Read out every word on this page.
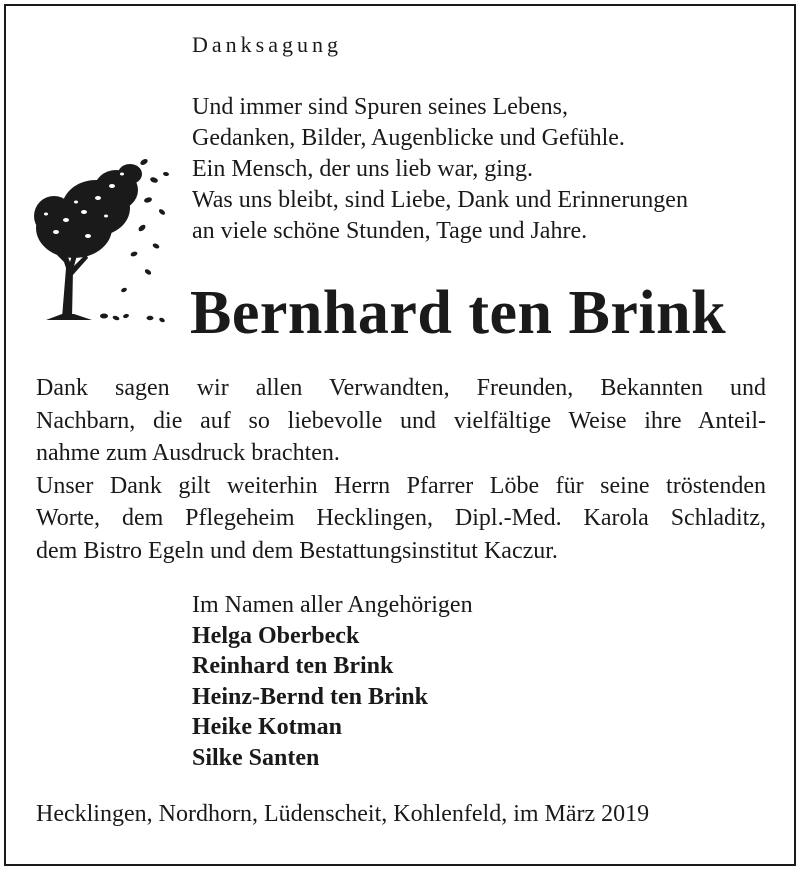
Danksagung
Und immer sind Spuren seines Lebens,
Gedanken, Bilder, Augenblicke und Gefühle.
Ein Mensch, der uns lieb war, ging.
Was uns bleibt, sind Liebe, Dank und Erinnerungen
an viele schöne Stunden, Tage und Jahre.
Bernhard ten Brink
Dank sagen wir allen Verwandten, Freunden, Bekannten und
Nachbarn, die auf so liebevolle und vielfältige Weise ihre Anteil-
nahme zum Ausdruck brachten.
Unser Dank gilt weiterhin Herrn Pfarrer Löbe für seine tröstenden
Worte, dem Pflegeheim Hecklingen, Dipl.-Med. Karola Schladitz,
dem Bistro Egeln und dem Bestattungsinstitut Kaczur.
Im Namen aller Angehörigen
Helga Oberbeck
Reinhard ten Brink
Heinz-Bernd ten Brink
Heike Kotman
Silke Santen
Hecklingen, Nordhorn, Lüdenscheit, Kohlenfeld, im März 2019
